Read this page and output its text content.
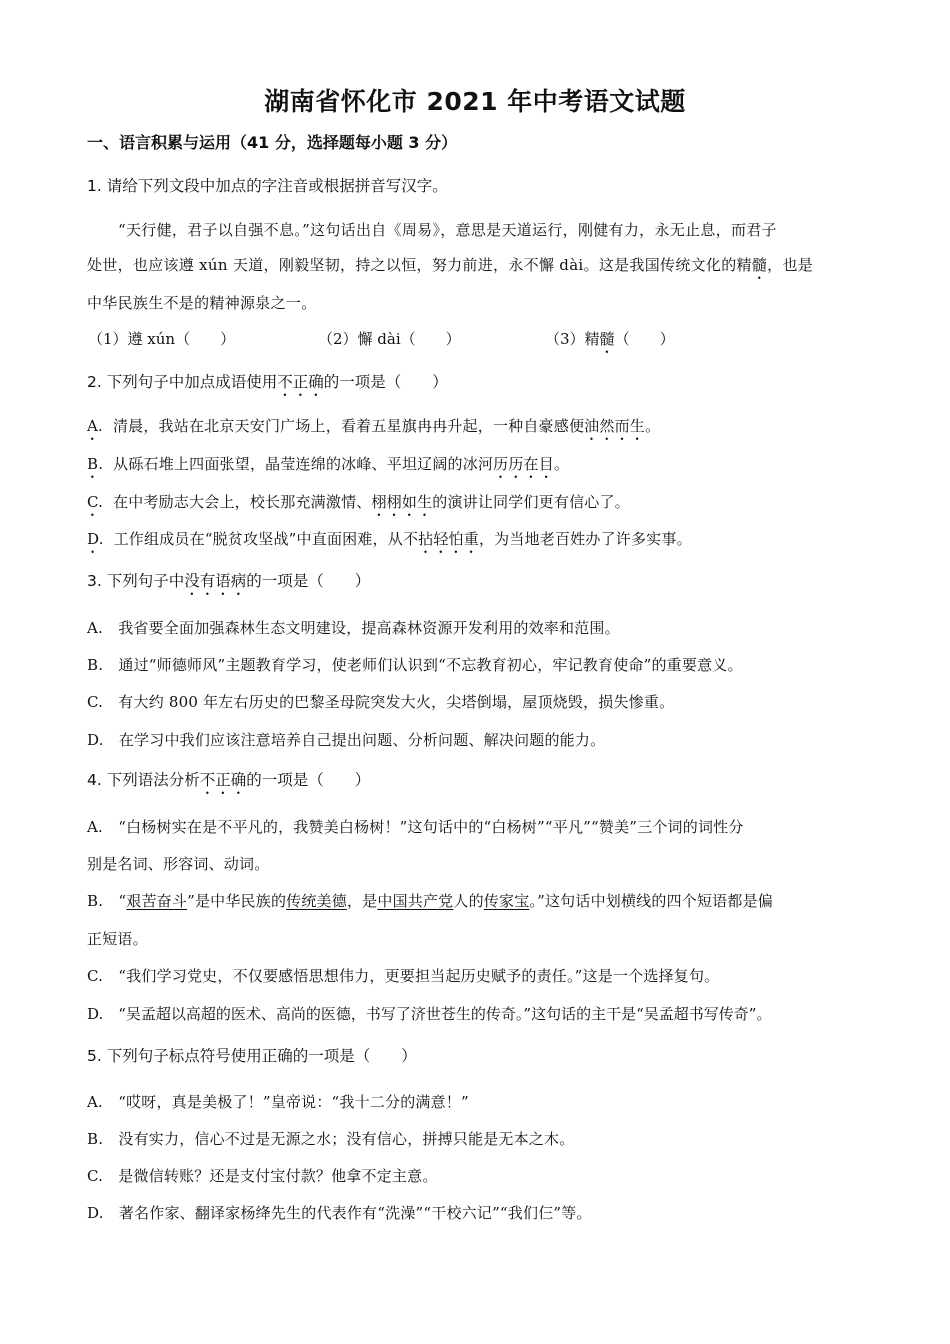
湖南省怀化市 2021 年中考语文试题
一、语言积累与运用（41 分，选择题每小题 3 分）
1. 请给下列文段中加点的字注音或根据拼音写汉字。
“天行健，君子以自强不息。”这句话出自《周易》，意思是天道运行，刚健有力，永无止息，而君子
处世，也应该遵 xún 天道，刚毅坚韧，持之以恒，努力前进，永不懈 dài。这是我国传统文化的精髓，也是
中华民族生不是的精神源泉之一。
（1）遵 xún（　　）	（2）懈 dài（　　）	（3）精髓（　　）
2. 下列句子中加点成语使用不正确的一项是（　　）
A. 清晨，我站在北京天安门广场上，看着五星旗冉冉升起，一种自豪感便油然而生。
B. 从砾石堆上四面张望，晶莹连绵的冰峰、平坦辽阔的冰河历历在目。
C. 在中考励志大会上，校长那充满激情、栩栩如生的演讲让同学们更有信心了。
D. 工作组成员在“脱贫攻坚战”中直面困难，从不拈轻怕重，为当地老百姓办了许多实事。
3. 下列句子中没有语病的一项是（　　）
A.　我省要全面加强森林生态文明建设，提高森林资源开发利用的效率和范围。
B.　通过“师德师风”主题教育学习，使老师们认识到“不忘教育初心，牢记教育使命”的重要意义。
C.　有大约 800 年左右历史的巴黎圣母院突发大火，尖塔倒塌，屋顶烧毁，损失惨重。
D.　在学习中我们应该注意培养自己提出问题、分析问题、解决问题的能力。
4. 下列语法分析不正确的一项是（　　）
A.　“白杨树实在是不平凡的，我赞美白杨树！”这句话中的“白杨树”“平凡”“赞美”三个词的词性分
别是名词、形容词、动词。
B.　“艰苦奋斗”是中华民族的传统美德，是中国共产党人的传家宝。”这句话中划横线的四个短语都是偏
正短语。
C.　“我们学习党史，不仅要感悟思想伟力，更要担当起历史赋予的责任。”这是一个选择复句。
D.　“吴孟超以高超的医术、高尚的医德，书写了济世苍生的传奇。”这句话的主干是“吴孟超书写传奇”。
5. 下列句子标点符号使用正确的一项是（　　）
A.　“哎呀，真是美极了！”皇帝说：“我十二分的满意！”
B.　没有实力，信心不过是无源之水；没有信心，拼搏只能是无本之木。
C.　是微信转账？还是支付宝付款？他拿不定主意。
D.　著名作家、翻译家杨绛先生的代表作有“洗澡”“干校六记”“我们仨”等。
